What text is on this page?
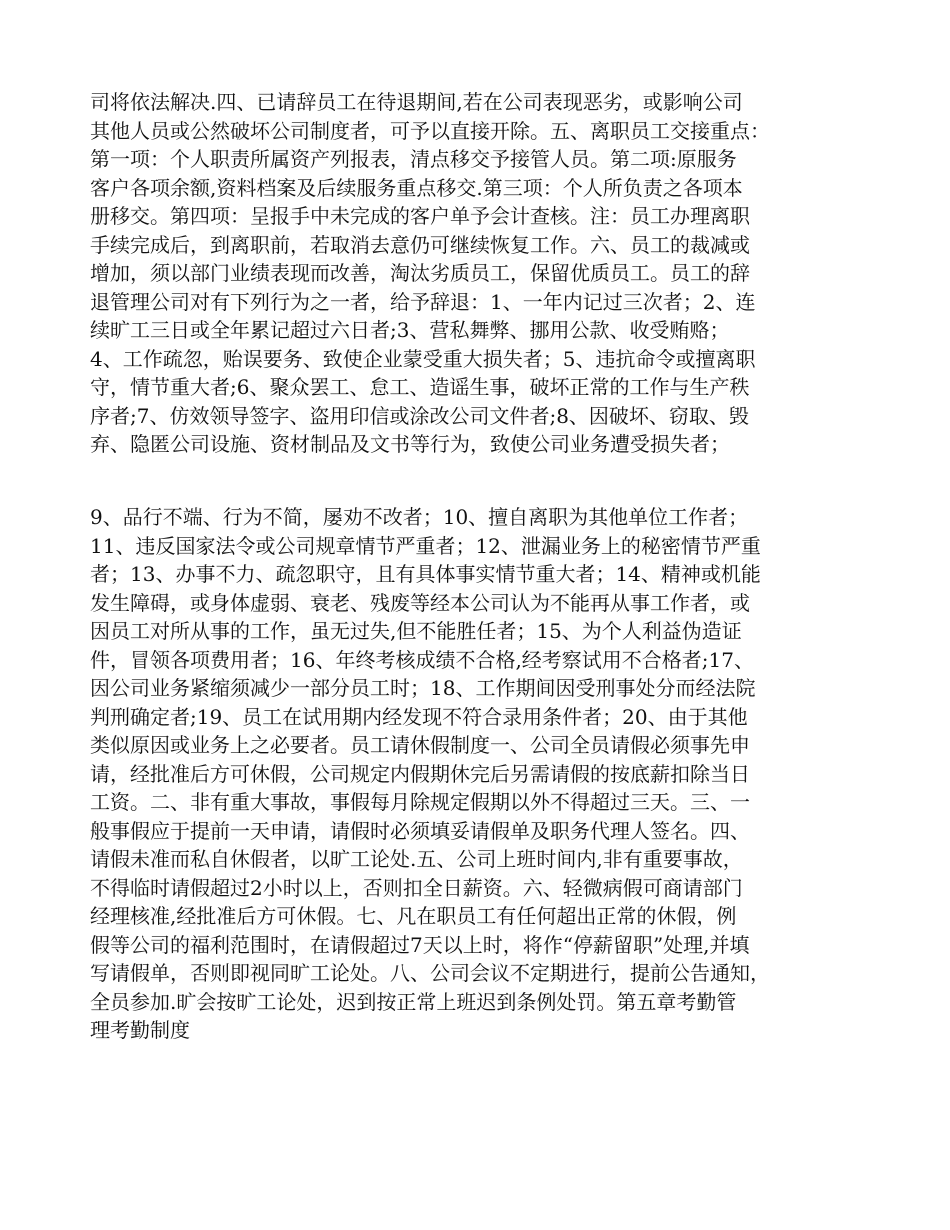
司将依法解决.四、已请辞员工在待退期间,若在公司表现恶劣，或影响公司
其他人员或公然破坏公司制度者，可予以直接开除。五、离职员工交接重点：
第一项：个人职责所属资产列报表，清点移交予接管人员。第二项:原服务
客户各项余额,资料档案及后续服务重点移交.第三项：个人所负责之各项本
册移交。第四项：呈报手中未完成的客户单予会计查核。注：员工办理离职
手续完成后，到离职前，若取消去意仍可继续恢复工作。六、员工的裁减或
增加，须以部门业绩表现而改善，淘汰劣质员工，保留优质员工。员工的辞
退管理公司对有下列行为之一者，给予辞退：1、一年内记过三次者；2、连
续旷工三日或全年累记超过六日者;3、营私舞弊、挪用公款、收受贿赂；
4、工作疏忽，贻误要务、致使企业蒙受重大损失者；5、违抗命令或擅离职
守，情节重大者;6、聚众罢工、怠工、造谣生事，破坏正常的工作与生产秩
序者;7、仿效领导签字、盗用印信或涂改公司文件者;8、因破坏、窃取、毁
弃、隐匿公司设施、资材制品及文书等行为，致使公司业务遭受损失者；
9、品行不端、行为不简，屡劝不改者；10、擅自离职为其他单位工作者；
11、违反国家法令或公司规章情节严重者；12、泄漏业务上的秘密情节严重
者；13、办事不力、疏忽职守，且有具体事实情节重大者；14、精神或机能
发生障碍，或身体虚弱、衰老、残废等经本公司认为不能再从事工作者，或
因员工对所从事的工作，虽无过失,但不能胜任者；15、为个人利益伪造证
件，冒领各项费用者；16、年终考核成绩不合格,经考察试用不合格者;17、
因公司业务紧缩须减少一部分员工时；18、工作期间因受刑事处分而经法院
判刑确定者;19、员工在试用期内经发现不符合录用条件者；20、由于其他
类似原因或业务上之必要者。员工请休假制度一、公司全员请假必须事先申
请，经批准后方可休假，公司规定内假期休完后另需请假的按底薪扣除当日
工资。二、非有重大事故，事假每月除规定假期以外不得超过三天。三、一
般事假应于提前一天申请，请假时必须填妥请假单及职务代理人签名。四、
请假未准而私自休假者，以旷工论处.五、公司上班时间内,非有重要事故，
不得临时请假超过2小时以上，否则扣全日薪资。六、轻微病假可商请部门
经理核准,经批准后方可休假。七、凡在职员工有任何超出正常的休假，例
假等公司的福利范围时，在请假超过7天以上时，将作“停薪留职”处理,并填
写请假单，否则即视同旷工论处。八、公司会议不定期进行，提前公告通知，
全员参加.旷会按旷工论处，迟到按正常上班迟到条例处罚。第五章考勤管
理考勤制度
